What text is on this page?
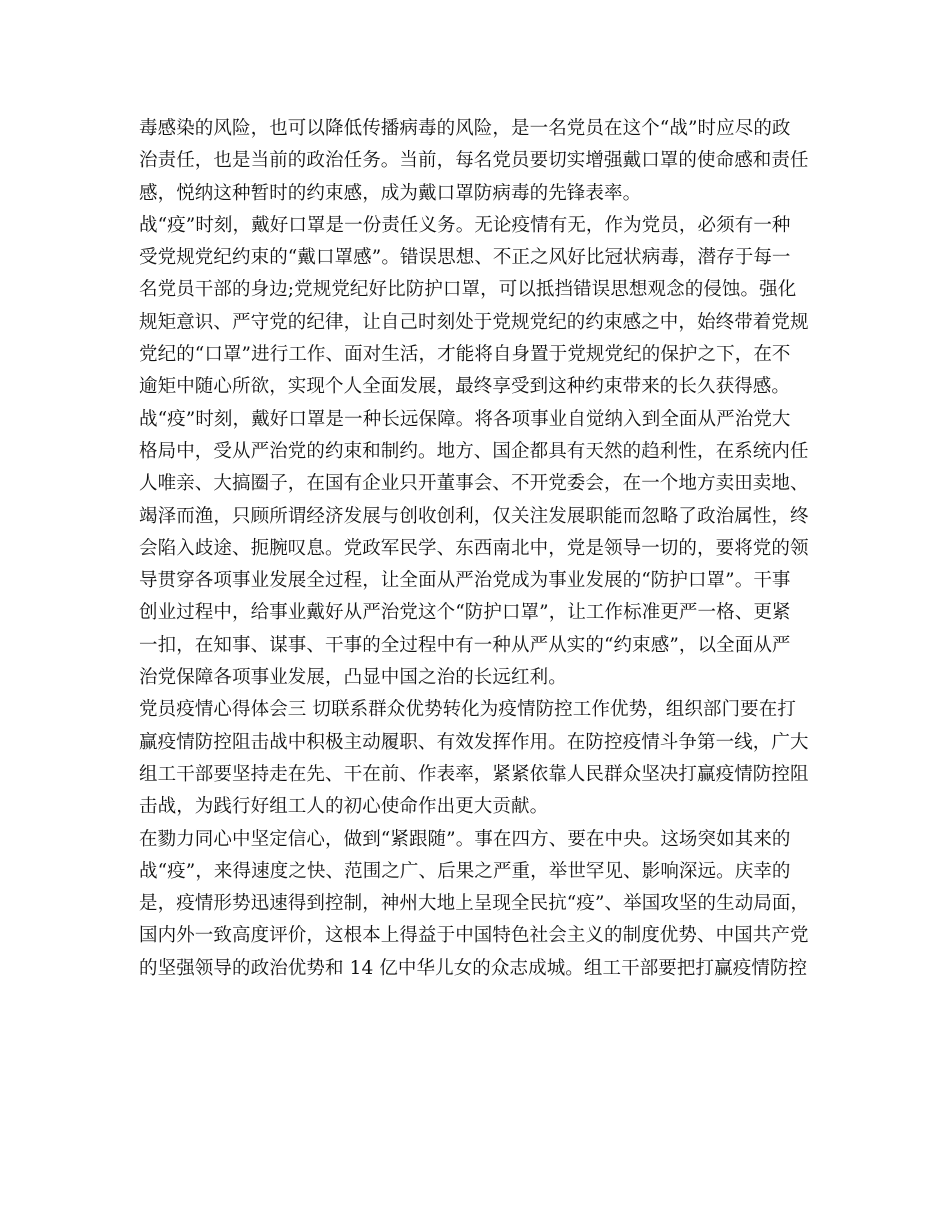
毒感染的风险，也可以降低传播病毒的风险，是一名党员在这个“战”时应尽的政
治责任，也是当前的政治任务。当前，每名党员要切实增强戴口罩的使命感和责任
感，悦纳这种暂时的约束感，成为戴口罩防病毒的先锋表率。
战“疫”时刻，戴好口罩是一份责任义务。无论疫情有无，作为党员，必须有一种
受党规党纪约束的“戴口罩感”。错误思想、不正之风好比冠状病毒，潜存于每一
名党员干部的身边;党规党纪好比防护口罩，可以抵挡错误思想观念的侵蚀。强化
规矩意识、严守党的纪律，让自己时刻处于党规党纪的约束感之中，始终带着党规
党纪的“口罩”进行工作、面对生活，才能将自身置于党规党纪的保护之下，在不
逾矩中随心所欲，实现个人全面发展，最终享受到这种约束带来的长久获得感。
战“疫”时刻，戴好口罩是一种长远保障。将各项事业自觉纳入到全面从严治党大
格局中，受从严治党的约束和制约。地方、国企都具有天然的趋利性，在系统内任
人唯亲、大搞圈子，在国有企业只开董事会、不开党委会，在一个地方卖田卖地、
竭泽而渔，只顾所谓经济发展与创收创利，仅关注发展职能而忽略了政治属性，终
会陷入歧途、扼腕叹息。党政军民学、东西南北中，党是领导一切的，要将党的领
导贯穿各项事业发展全过程，让全面从严治党成为事业发展的“防护口罩”。干事
创业过程中，给事业戴好从严治党这个“防护口罩”，让工作标准更严一格、更紧
一扣，在知事、谋事、干事的全过程中有一种从严从实的“约束感”，以全面从严
治党保障各项事业发展，凸显中国之治的长远红利。
党员疫情心得体会三 切联系群众优势转化为疫情防控工作优势，组织部门要在打
赢疫情防控阻击战中积极主动履职、有效发挥作用。在防控疫情斗争第一线，广大
组工干部要坚持走在先、干在前、作表率，紧紧依靠人民群众坚决打赢疫情防控阻
击战，为践行好组工人的初心使命作出更大贡献。
在勠力同心中坚定信心，做到“紧跟随”。事在四方、要在中央。这场突如其来的
战“疫”，来得速度之快、范围之广、后果之严重，举世罕见、影响深远。庆幸的
是，疫情形势迅速得到控制，神州大地上呈现全民抗“疫”、举国攻坚的生动局面，
国内外一致高度评价，这根本上得益于中国特色社会主义的制度优势、中国共产党
的坚强领导的政治优势和 14 亿中华儿女的众志成城。组工干部要把打赢疫情防控
